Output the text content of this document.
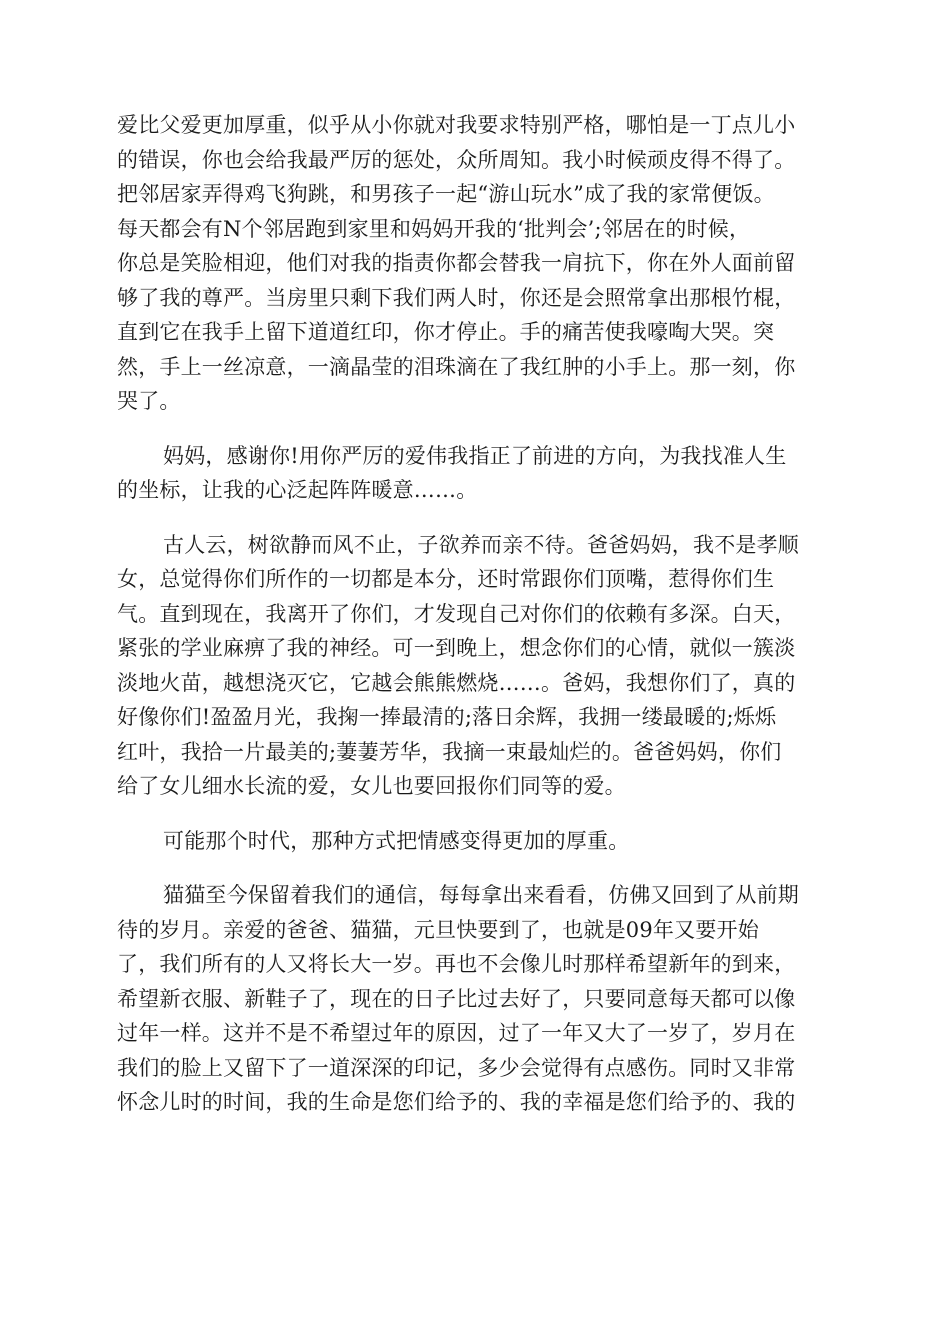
爱比父爱更加厚重，似乎从小你就对我要求特别严格，哪怕是一丁点儿小
的错误，你也会给我最严厉的惩处，众所周知。我小时候顽皮得不得了。
把邻居家弄得鸡飞狗跳，和男孩子一起“游山玩水”成了我的家常便饭。
每天都会有N个邻居跑到家里和妈妈开我的‘批判会’;邻居在的时候，
你总是笑脸相迎，他们对我的指责你都会替我一肩抗下，你在外人面前留
够了我的尊严。当房里只剩下我们两人时，你还是会照常拿出那根竹棍，
直到它在我手上留下道道红印，你才停止。手的痛苦使我嚎啕大哭。突
然，手上一丝凉意，一滴晶莹的泪珠滴在了我红肿的小手上。那一刻，你
哭了。
妈妈，感谢你!用你严厉的爱伟我指正了前进的方向，为我找准人生
的坐标，让我的心泛起阵阵暖意……。
古人云，树欲静而风不止，子欲养而亲不待。爸爸妈妈，我不是孝顺
女，总觉得你们所作的一切都是本分，还时常跟你们顶嘴，惹得你们生
气。直到现在，我离开了你们，才发现自己对你们的依赖有多深。白天，
紧张的学业麻痹了我的神经。可一到晚上，想念你们的心情，就似一簇淡
淡地火苗，越想浇灭它，它越会熊熊燃烧……。爸妈，我想你们了，真的
好像你们!盈盈月光，我掬一捧最清的;落日余辉，我拥一缕最暖的;烁烁
红叶，我拾一片最美的;萋萋芳华，我摘一束最灿烂的。爸爸妈妈，你们
给了女儿细水长流的爱，女儿也要回报你们同等的爱。
可能那个时代，那种方式把情感变得更加的厚重。
猫猫至今保留着我们的通信，每每拿出来看看，仿佛又回到了从前期
待的岁月。亲爱的爸爸、猫猫，元旦快要到了，也就是09年又要开始
了，我们所有的人又将长大一岁。再也不会像儿时那样希望新年的到来，
希望新衣服、新鞋子了，现在的日子比过去好了，只要同意每天都可以像
过年一样。这并不是不希望过年的原因，过了一年又大了一岁了，岁月在
我们的脸上又留下了一道深深的印记，多少会觉得有点感伤。同时又非常
怀念儿时的时间，我的生命是您们给予的、我的幸福是您们给予的、我的
